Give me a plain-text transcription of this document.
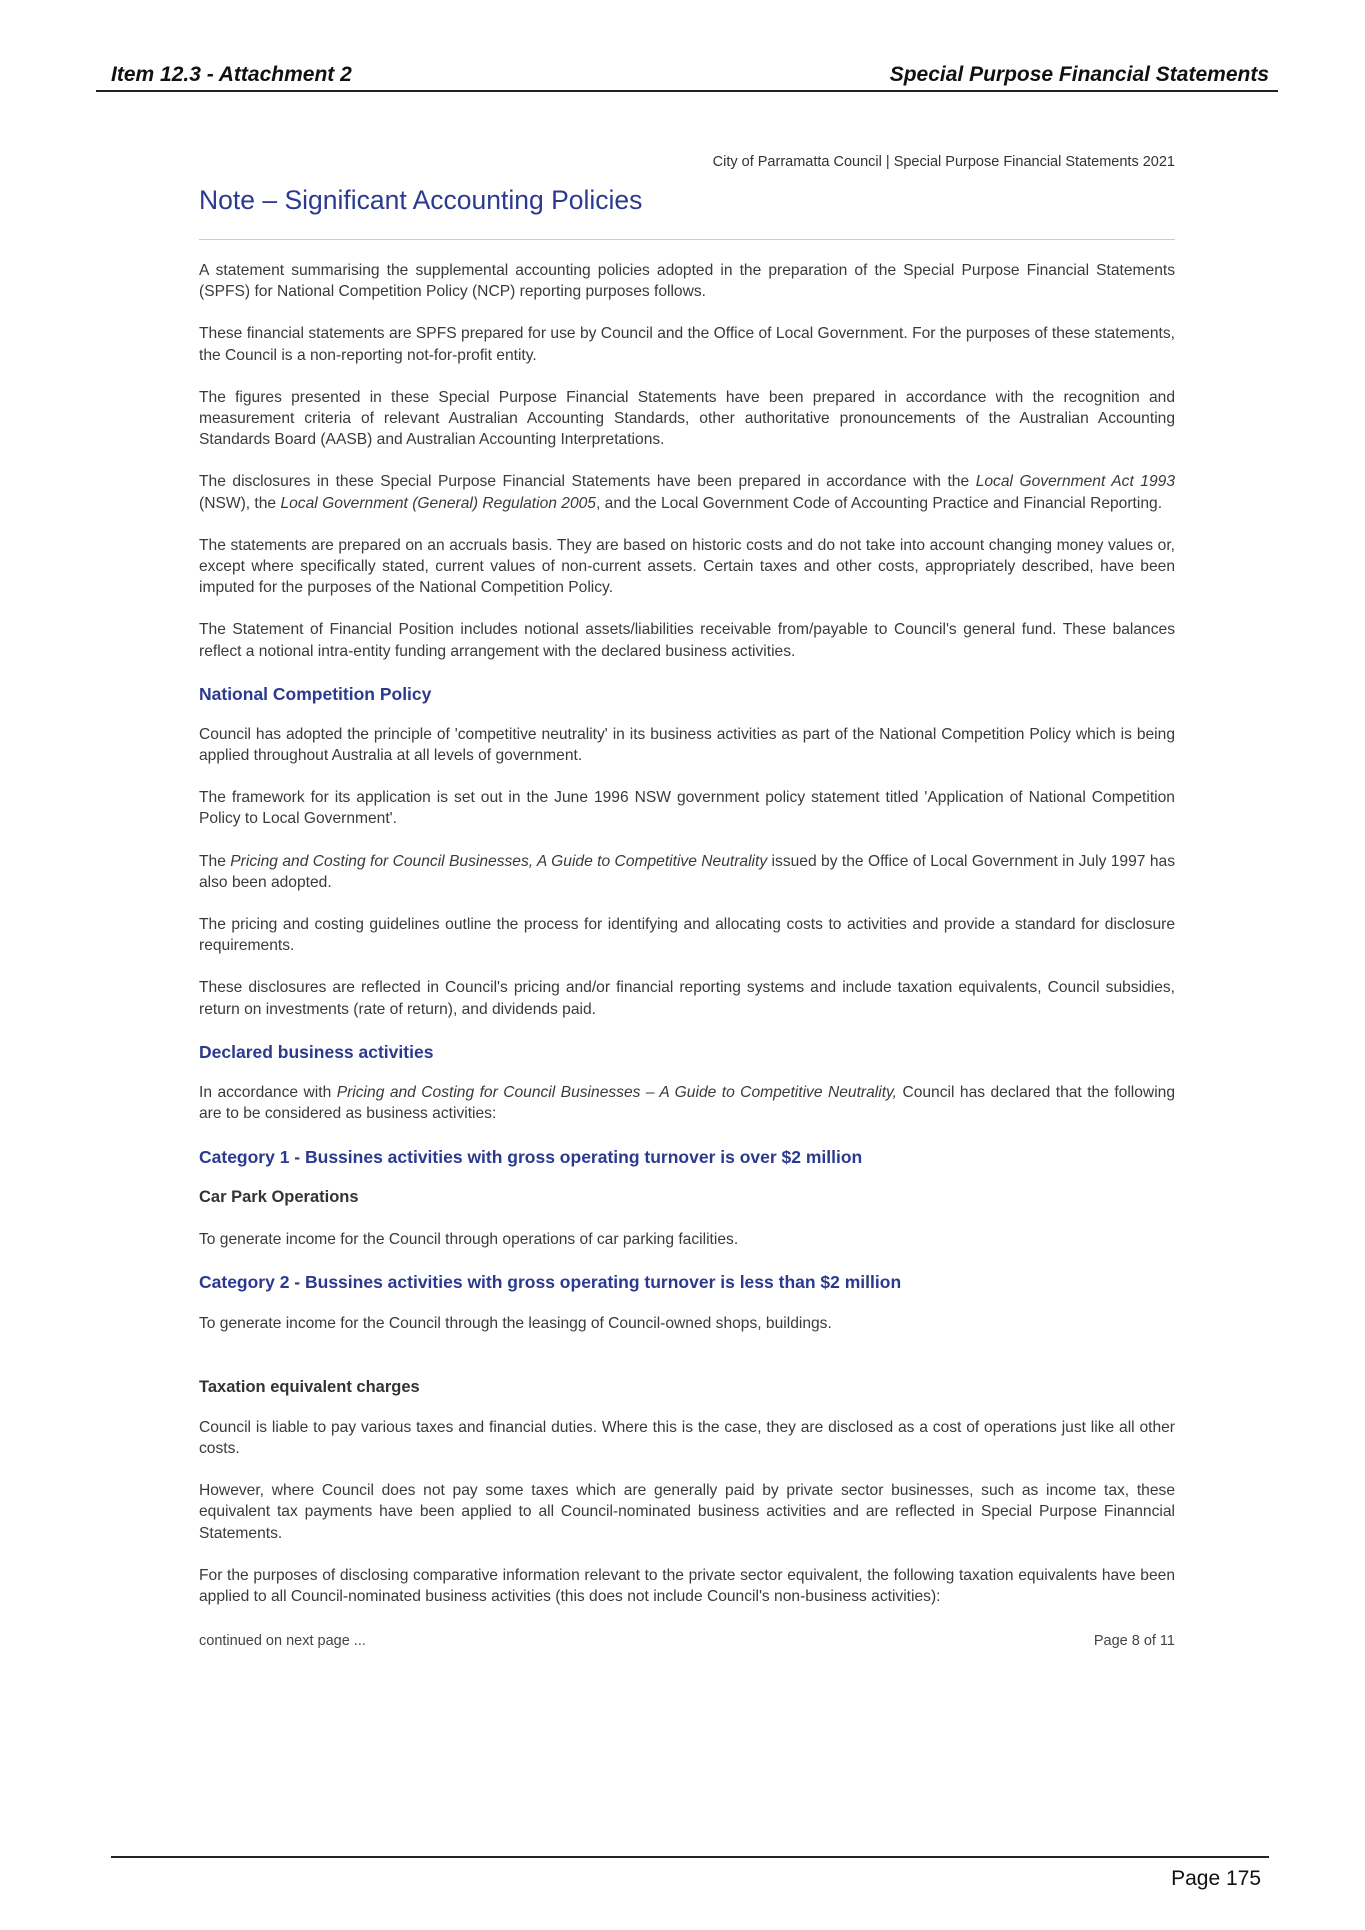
Item 12.3 - Attachment 2	Special Purpose Financial Statements
City of Parramatta Council | Special Purpose Financial Statements 2021
Note – Significant Accounting Policies

A statement summarising the supplemental accounting policies adopted in the preparation of the Special Purpose Financial Statements (SPFS) for National Competition Policy (NCP) reporting purposes follows.

These financial statements are SPFS prepared for use by Council and the Office of Local Government. For the purposes of these statements, the Council is a non-reporting not-for-profit entity.

The figures presented in these Special Purpose Financial Statements have been prepared in accordance with the recognition and measurement criteria of relevant Australian Accounting Standards, other authoritative pronouncements of the Australian Accounting Standards Board (AASB) and Australian Accounting Interpretations.

The disclosures in these Special Purpose Financial Statements have been prepared in accordance with the Local Government Act 1993 (NSW), the Local Government (General) Regulation 2005, and the Local Government Code of Accounting Practice and Financial Reporting.

The statements are prepared on an accruals basis. They are based on historic costs and do not take into account changing money values or, except where specifically stated, current values of non-current assets. Certain taxes and other costs, appropriately described, have been imputed for the purposes of the National Competition Policy.

The Statement of Financial Position includes notional assets/liabilities receivable from/payable to Council's general fund. These balances reflect a notional intra-entity funding arrangement with the declared business activities.

National Competition Policy

Council has adopted the principle of 'competitive neutrality' in its business activities as part of the National Competition Policy which is being applied throughout Australia at all levels of government.

The framework for its application is set out in the June 1996 NSW government policy statement titled 'Application of National Competition Policy to Local Government'.

The Pricing and Costing for Council Businesses, A Guide to Competitive Neutrality issued by the Office of Local Government in July 1997 has also been adopted.

The pricing and costing guidelines outline the process for identifying and allocating costs to activities and provide a standard for disclosure requirements.

These disclosures are reflected in Council's pricing and/or financial reporting systems and include taxation equivalents, Council subsidies, return on investments (rate of return), and dividends paid.

Declared business activities

In accordance with Pricing and Costing for Council Businesses – A Guide to Competitive Neutrality, Council has declared that the following are to be considered as business activities:

Category 1 - Bussines activities with gross operating turnover is over $2 million
Car Park Operations

To generate income for the Council through operations of car parking facilities.

Category 2 - Bussines activities with gross operating turnover is less than $2 million

To generate income for the Council through the leasingg of Council-owned shops, buildings.

Taxation equivalent charges

Council is liable to pay various taxes and financial duties. Where this is the case, they are disclosed as a cost of operations just like all other costs.

However, where Council does not pay some taxes which are generally paid by private sector businesses, such as income tax, these equivalent tax payments have been applied to all Council-nominated business activities and are reflected in Special Purpose Finanncial Statements.

For the purposes of disclosing comparative information relevant to the private sector equivalent, the following taxation equivalents have been applied to all Council-nominated business activities (this does not include Council's non-business activities):

continued on next page ...	Page 8 of 11
Page 175
